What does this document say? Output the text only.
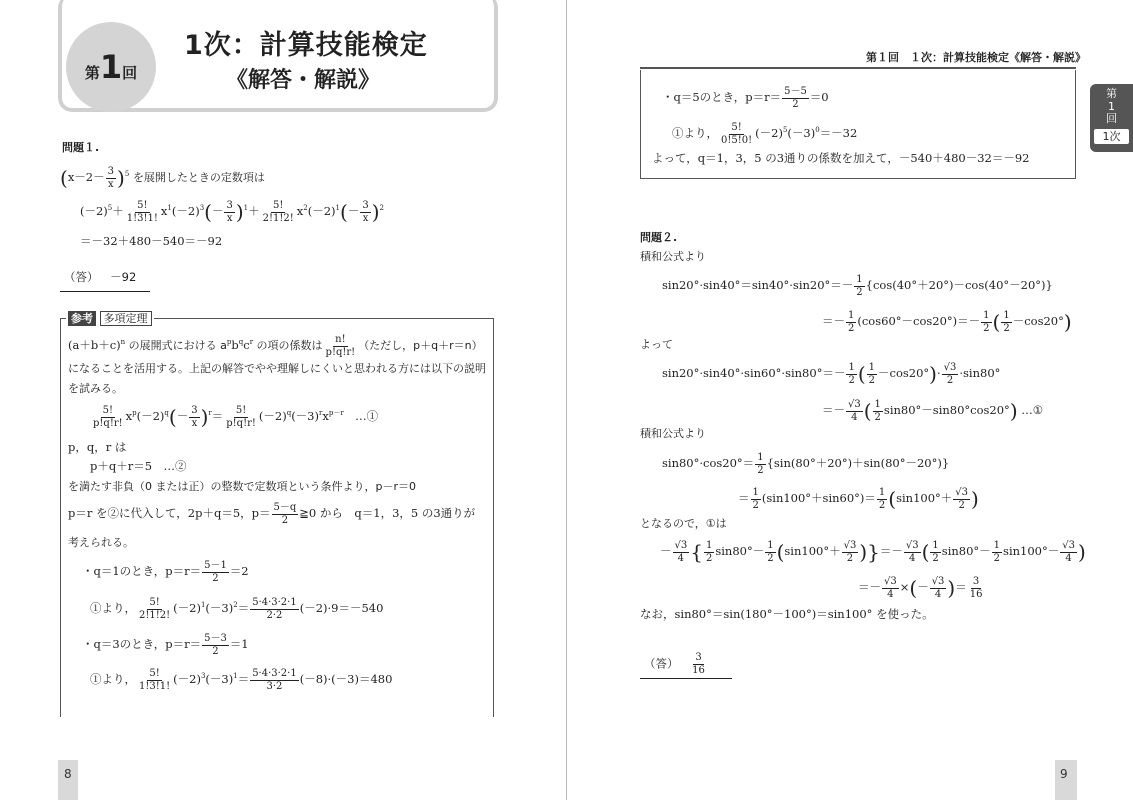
第1回
1次：計算技能検定
《解答・解説》
問題１.
$(x-2- \frac{3}{x} )^5$ を展開したときの定数項は
$(-2)^5+ \frac{5!}{1!3!1!} x^1(-2)^3(- \frac{3}{x} )^1+ \frac{5!}{2!1!2!} x^2(-2)^1(- \frac{3}{x} )^2$
＝－32＋480－540＝－92
（答） －92
参考 多項定理
$(a+b+c)^n$ の展開式における $a^pb^qc^r$ の項の係数は $\frac{n!}{p!q!r!}$ （ただし，p＋q＋r＝n）
になることを活用する。上記の解答でやや理解しにくいと思われる方には以下の説明
を試みる。
$\frac{5!}{p!q!r!} x^p(-2)^q(- \frac{3}{x} )^r= \frac{5!}{p!q!r!} (-2)^q(-3)^rx^{p-r}$　…①
p，q，r は
p＋q＋r＝5　…②
を満たす非負（0 または正）の整数で定数項という条件より，p－r＝0
p＝r を②に代入して，2p＋q＝5，$p= \frac{5-q}{2}$ ≧0 から　q＝1，3，5 の3通りが
考えられる。
・q＝1のとき，$p=r= \frac{5-1}{2} =2$
①より， $\frac{5!}{2!1!2!} (-2)^1(-3)^2= \frac{5\cdot 4\cdot 3\cdot 2\cdot 1}{2\cdot 2} (-2)\cdot 9=-540$
・q＝3のとき，$p=r= \frac{5-3}{2} =1$
①より， $\frac{5!}{1!3!1!} (-2)^3(-3)^1= \frac{5\cdot 4\cdot 3\cdot 2\cdot 1}{3\cdot 2} (-8)\cdot(-3)=480$
8
第１回　１次：計算技能検定《解答・解説》
第
1
回
1次
・q＝5のとき，$p=r= \frac{5-5}{2} =0$
①より， $\frac{5!}{0!5!0!} (-2)^5(-3)^0=-32$
よって，q＝1，3，5 の3通りの係数を加えて，－540＋480－32＝－92
問題２.
積和公式より
$\sin 20^\circ\cdot\sin 40^\circ=\sin 40^\circ\cdot\sin 20^\circ=- \frac{1}{2} \{\cos(40^\circ+20^\circ)-\cos(40^\circ-20^\circ)\}$
＝－ $\frac{1}{2} (\cos 60^\circ-\cos 20^\circ)=- \frac{1}{2}$ ( $\frac{1}{2} -\cos 20^\circ$)
よって
$\sin 20^\circ\cdot\sin 40^\circ\cdot\sin 60^\circ\cdot\sin 80^\circ=- \frac{1}{2}$ ( $\frac{1}{2} -\cos 20^\circ)\cdot \frac{√3}{2} \cdot\sin 80^\circ$
＝－ $\frac{√3}{4}$ ( $\frac{1}{2} \sin 80^\circ-\sin 80^\circ\cos 20^\circ$) …①
積和公式より
$\sin 80^\circ\cdot\cos 20^\circ= \frac{1}{2} \{\sin(80^\circ+20^\circ)+\sin(80^\circ-20^\circ)\}$
＝ $\frac{1}{2} (\sin 100^\circ+\sin 60^\circ)= \frac{1}{2} (\sin 100^\circ+ \frac{√3}{2}$ )
となるので，①は
－ $\frac{√3}{4}$ { $\frac{1}{2} \sin 80^\circ- \frac{1}{2} (\sin 100^\circ+ \frac{√3}{2}$ )}＝－ $\frac{√3}{4}$ ( $\frac{1}{2} \sin 80^\circ- \frac{1}{2} \sin 100^\circ- \frac{√3}{4}$ )
＝－ $\frac{√3}{4}$ ×(－ $\frac{√3}{4}$ )＝ $\frac{3}{16}$
なお，sin80°＝sin(180°－100°)＝sin100° を使った。
（答） $\frac{3}{16}$
9
